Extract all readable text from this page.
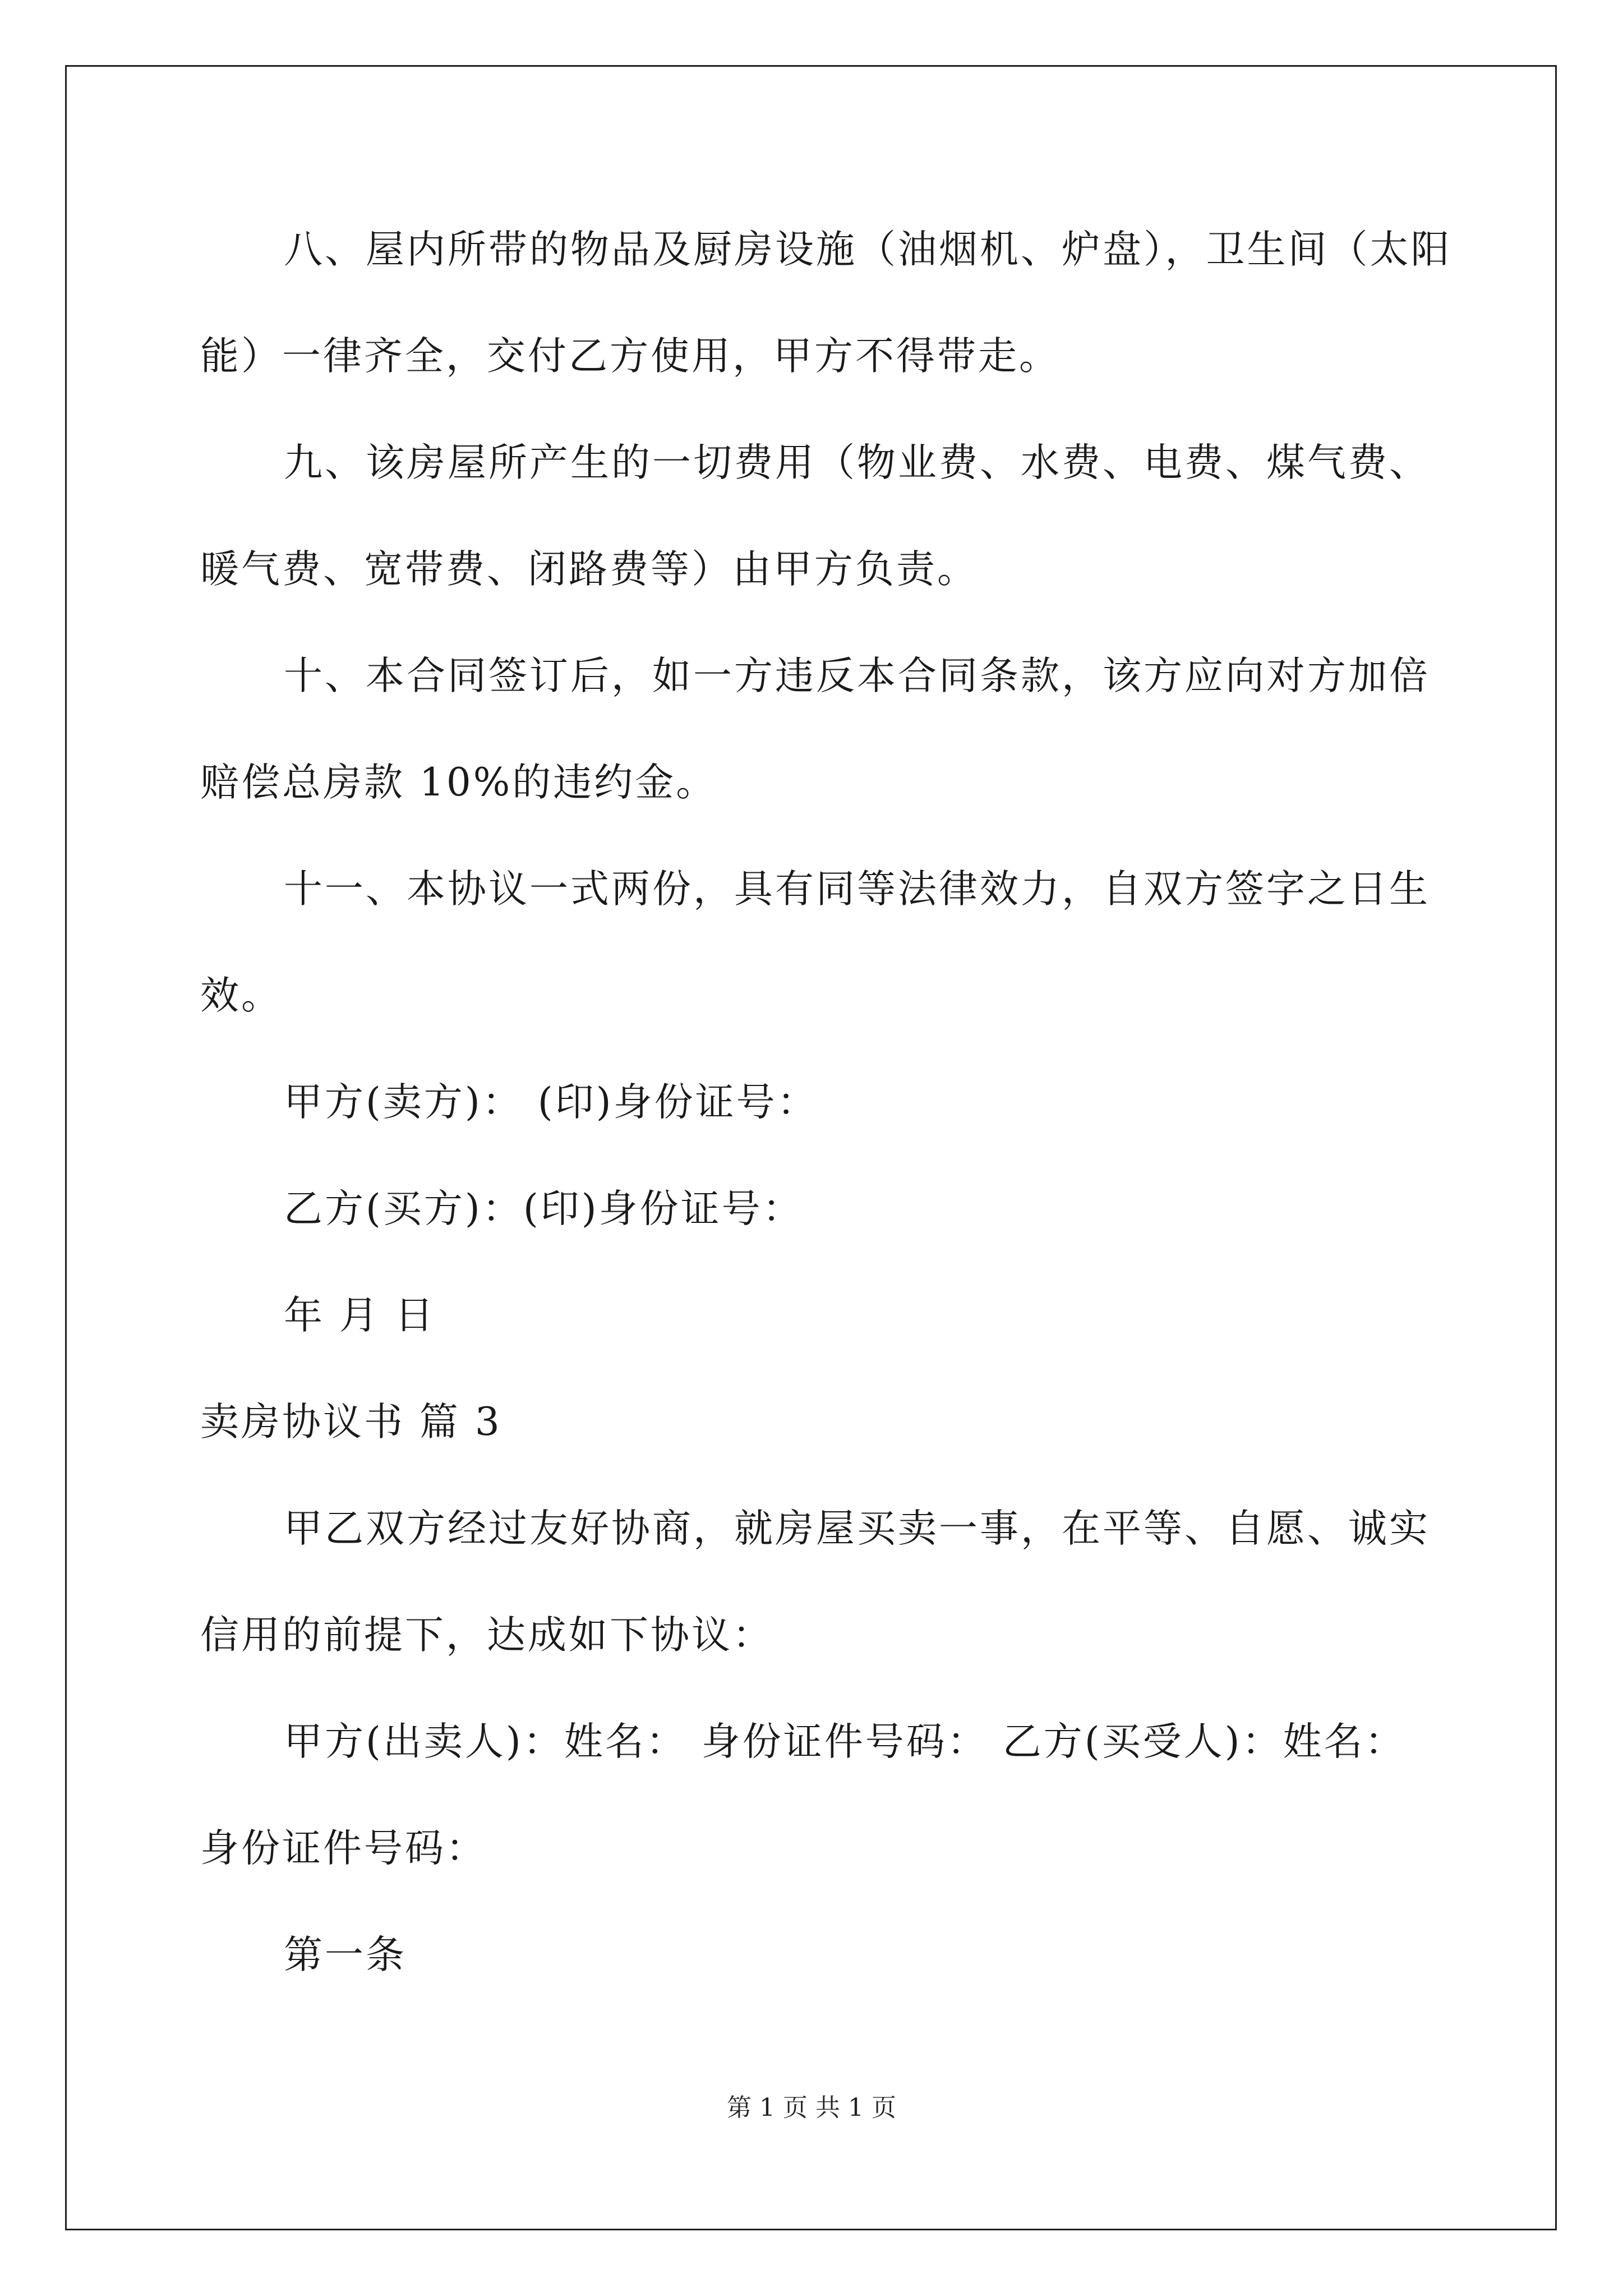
八、屋内所带的物品及厨房设施（油烟机、炉盘），卫生间（太阳
能）一律齐全，交付乙方使用，甲方不得带走。
九、该房屋所产生的一切费用（物业费、水费、电费、煤气费、
暖气费、宽带费、闭路费等）由甲方负责。
十、本合同签订后，如一方违反本合同条款，该方应向对方加倍
赔偿总房款 10%的违约金。
十一、本协议一式两份，具有同等法律效力，自双方签字之日生
效。
甲方(卖方)： (印)身份证号：
乙方(买方)：(印)身份证号：
年 月 日
卖房协议书 篇 3
甲乙双方经过友好协商，就房屋买卖一事，在平等、自愿、诚实
信用的前提下，达成如下协议：
甲方(出卖人)：姓名： 身份证件号码： 乙方(买受人)：姓名：
身份证件号码：
第一条
第 1 页 共 1 页
